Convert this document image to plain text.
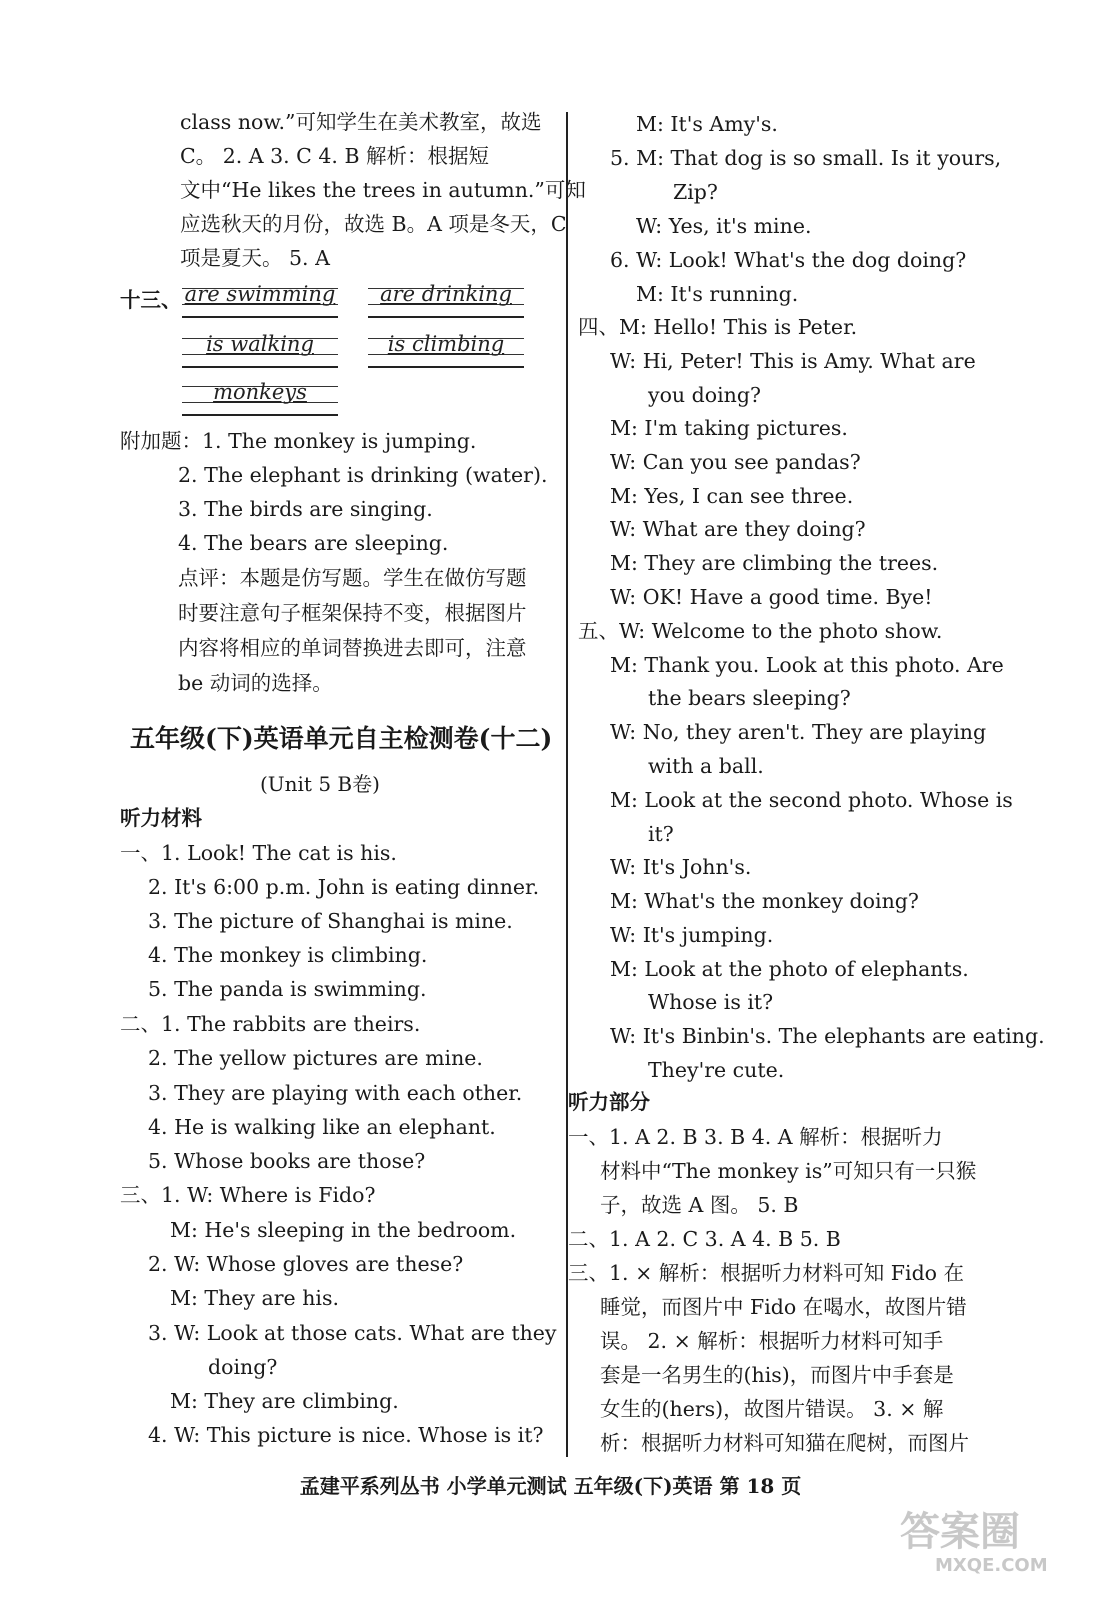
class now.”可知学生在美术教室，故选
C。 2. A 3. C 4. B 解析：根据短
文中“He likes the trees in autumn.”可知
应选秋天的月份，故选 B。A 项是冬天，C
项是夏天。 5. A
十三、 are swimming	are drinking
is walking	is climbing
monkeys
附加题：1. The monkey is jumping.
2. The elephant is drinking (water).
3. The birds are singing.
4. The bears are sleeping.
点评：本题是仿写题。学生在做仿写题
时要注意句子框架保持不变，根据图片
内容将相应的单词替换进去即可，注意
be 动词的选择。
五年级(下)英语单元自主检测卷(十二)
(Unit 5 B卷)
听力材料
一、1. Look! The cat is his.
2. It's 6:00 p.m. John is eating dinner.
3. The picture of Shanghai is mine.
4. The monkey is climbing.
5. The panda is swimming.
二、1. The rabbits are theirs.
2. The yellow pictures are mine.
3. They are playing with each other.
4. He is walking like an elephant.
5. Whose books are those?
三、1. W: Where is Fido?
M: He's sleeping in the bedroom.
2. W: Whose gloves are these?
M: They are his.
3. W: Look at those cats. What are they
doing?
M: They are climbing.
4. W: This picture is nice. Whose is it?
M: It's Amy's.
5. M: That dog is so small. Is it yours,
Zip?
W: Yes, it's mine.
6. W: Look! What's the dog doing?
M: It's running.
四、M: Hello! This is Peter.
W: Hi, Peter! This is Amy. What are
you doing?
M: I'm taking pictures.
W: Can you see pandas?
M: Yes, I can see three.
W: What are they doing?
M: They are climbing the trees.
W: OK! Have a good time. Bye!
五、W: Welcome to the photo show.
M: Thank you. Look at this photo. Are
the bears sleeping?
W: No, they aren't. They are playing
with a ball.
M: Look at the second photo. Whose is
it?
W: It's John's.
M: What's the monkey doing?
W: It's jumping.
M: Look at the photo of elephants.
Whose is it?
W: It's Binbin's. The elephants are eating.
They're cute.
听力部分
一、1. A 2. B 3. B 4. A 解析：根据听力
材料中“The monkey is”可知只有一只猴
子，故选 A 图。 5. B
二、1. A 2. C 3. A 4. B 5. B
三、1. × 解析：根据听力材料可知 Fido 在
睡觉，而图片中 Fido 在喝水，故图片错
误。 2. × 解析：根据听力材料可知手
套是一名男生的(his)，而图片中手套是
女生的(hers)，故图片错误。 3. × 解
析：根据听力材料可知猫在爬树，而图片
孟建平系列丛书 小学单元测试 五年级(下)英语 第 18 页
答案圈
MXQE.COM
